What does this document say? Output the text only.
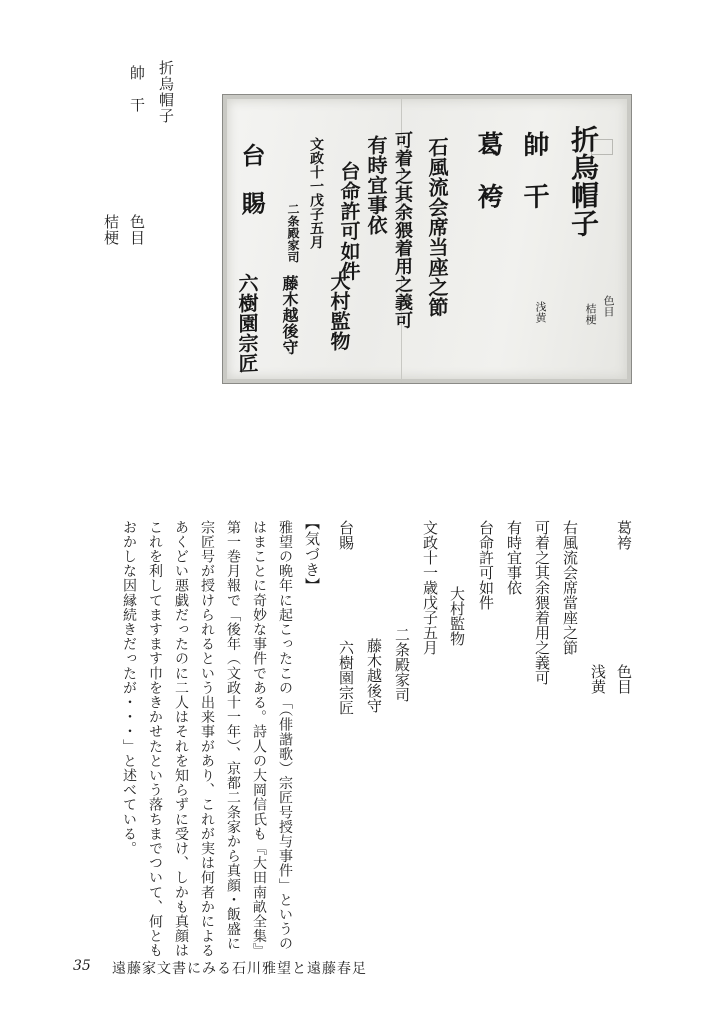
折烏帽子
帥　干
色目
桔梗	折烏帽子
帥　干
葛　袴
石風流会席当座之節
可着之其余猥着用之義可
有時宜事依
台命許可如件
文政十一戊子五月
二条殿家司
台　賜
大村監物
藤木越後守
六樹園宗匠	色目
桔梗
浅黄
葛袴
色目
浅黄
右風流会席當座之節
可着之其余猥着用之義可
有時宜事依
台命許可如件
大村監物
文政十一歳戊子五月
二条殿家司
藤木越後守
台賜
六樹園宗匠
【気づき】
雅望の晩年に起こったこの「（俳諧歌）宗匠号授与事件」というの
はまことに奇妙な事件である。詩人の大岡信氏も『大田南畝全集』
第一巻月報で「後年（文政十一年）、京都二条家から真顔・飯盛に
宗匠号が授けられるという出来事があり、これが実は何者かによる
あくどい悪戯だったのに二人はそれを知らずに受け、しかも真顔は
これを利してますます巾をきかせたという落ちまでついて、何とも
おかしな因縁続きだったが・・・」と述べている。
35 遠藤家文書にみる石川雅望と遠藤春足
